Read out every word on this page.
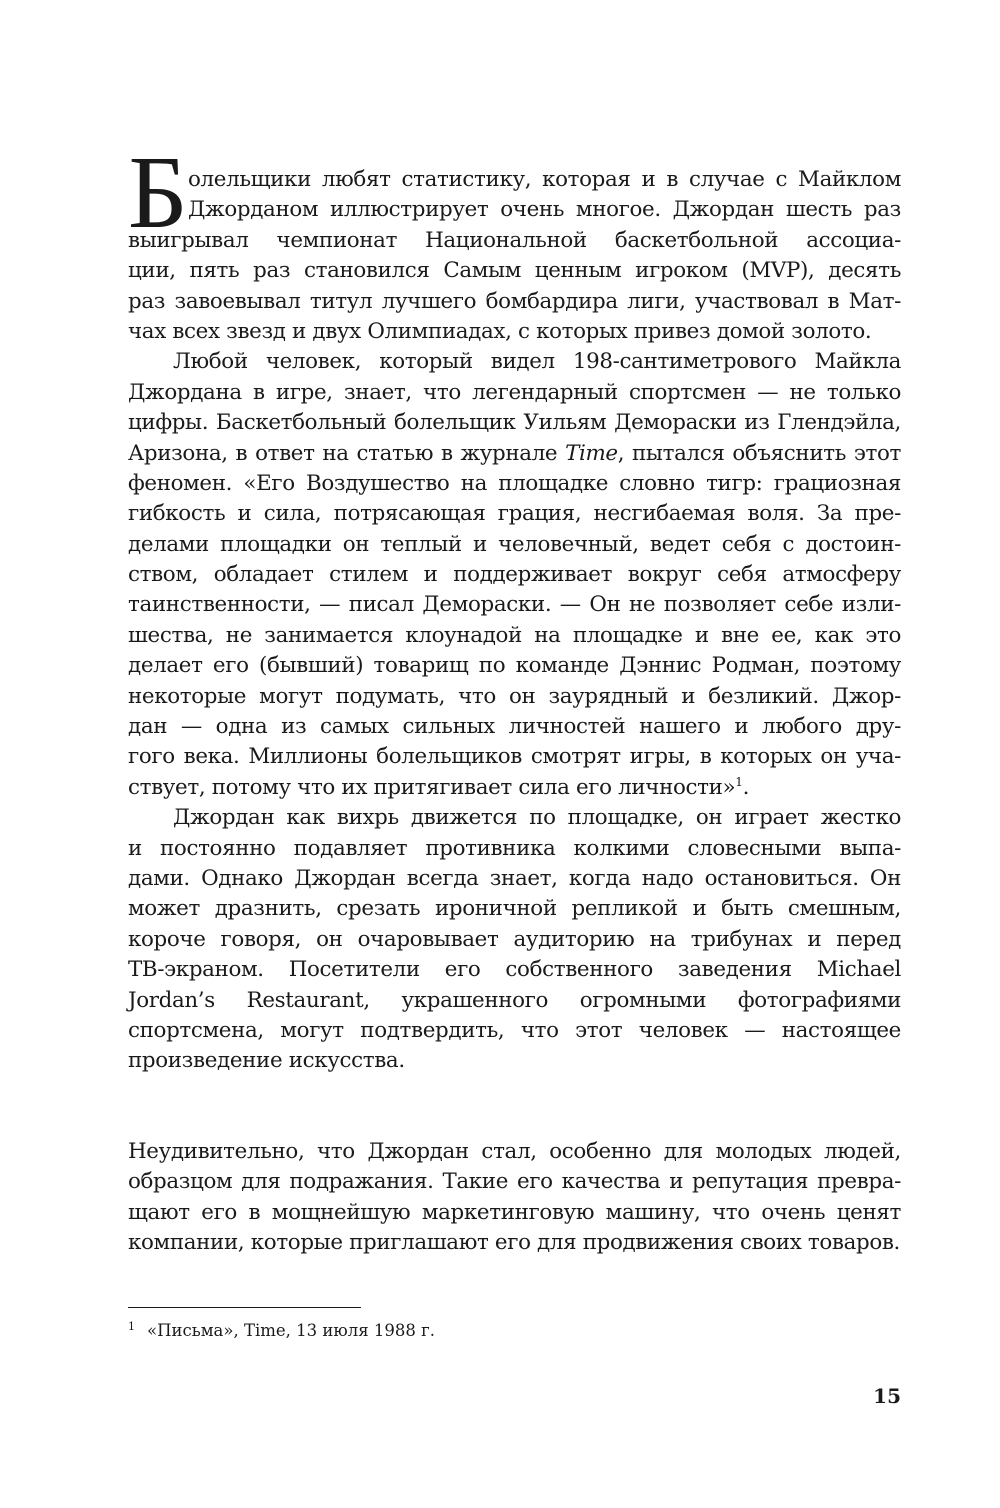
Б олельщики любят статистику, которая и в случае с Майклом
Джорданом иллюстрирует очень многое. Джордан шесть раз
выигрывал чемпионат Национальной баскетбольной ассоциа-
ции, пять раз становился Самым ценным игроком (MVP), десять
раз завоевывал титул лучшего бомбардира лиги, участвовал в Мат-
чах всех звезд и двух Олимпиадах, с которых привез домой золото.
Любой человек, который видел 198-сантиметрового Майкла
Джордана в игре, знает, что легендарный спортсмен — не только
цифры. Баскетбольный болельщик Уильям Демораски из Глендэйла,
Аризона, в ответ на статью в журнале Time, пытался объяснить этот
феномен. «Его Воздушество на площадке словно тигр: грациозная
гибкость и сила, потрясающая грация, несгибаемая воля. За пре-
делами площадки он теплый и человечный, ведет себя с достоин-
ством, обладает стилем и поддерживает вокруг себя атмосферу
таинственности, — писал Демораски. — Он не позволяет себе изли-
шества, не занимается клоунадой на площадке и вне ее, как это
делает его (бывший) товарищ по команде Дэннис Родман, поэтому
некоторые могут подумать, что он заурядный и безликий. Джор-
дан — одна из самых сильных личностей нашего и любого дру-
гого века. Миллионы болельщиков смотрят игры, в которых он уча-
ствует, потому что их притягивает сила его личности»$^1$.
Джордан как вихрь движется по площадке, он играет жестко
и постоянно подавляет противника колкими словесными выпа-
дами. Однако Джордан всегда знает, когда надо остановиться. Он
может дразнить, срезать ироничной репликой и быть смешным,
короче говоря, он очаровывает аудиторию на трибунах и перед
ТВ-экраном. Посетители его собственного заведения Michael
Jordan’s Restaurant, украшенного огромными фотографиями
спортсмена, могут подтвердить, что этот человек — настоящее
произведение искусства.
Неудивительно, что Джордан стал, особенно для молодых людей,
образцом для подражания. Такие его качества и репутация превра-
щают его в мощнейшую маркетинговую машину, что очень ценят
компании, которые приглашают его для продвижения своих товаров.
$^1$ «Письма», Time, 13 июля 1988 г.
15
